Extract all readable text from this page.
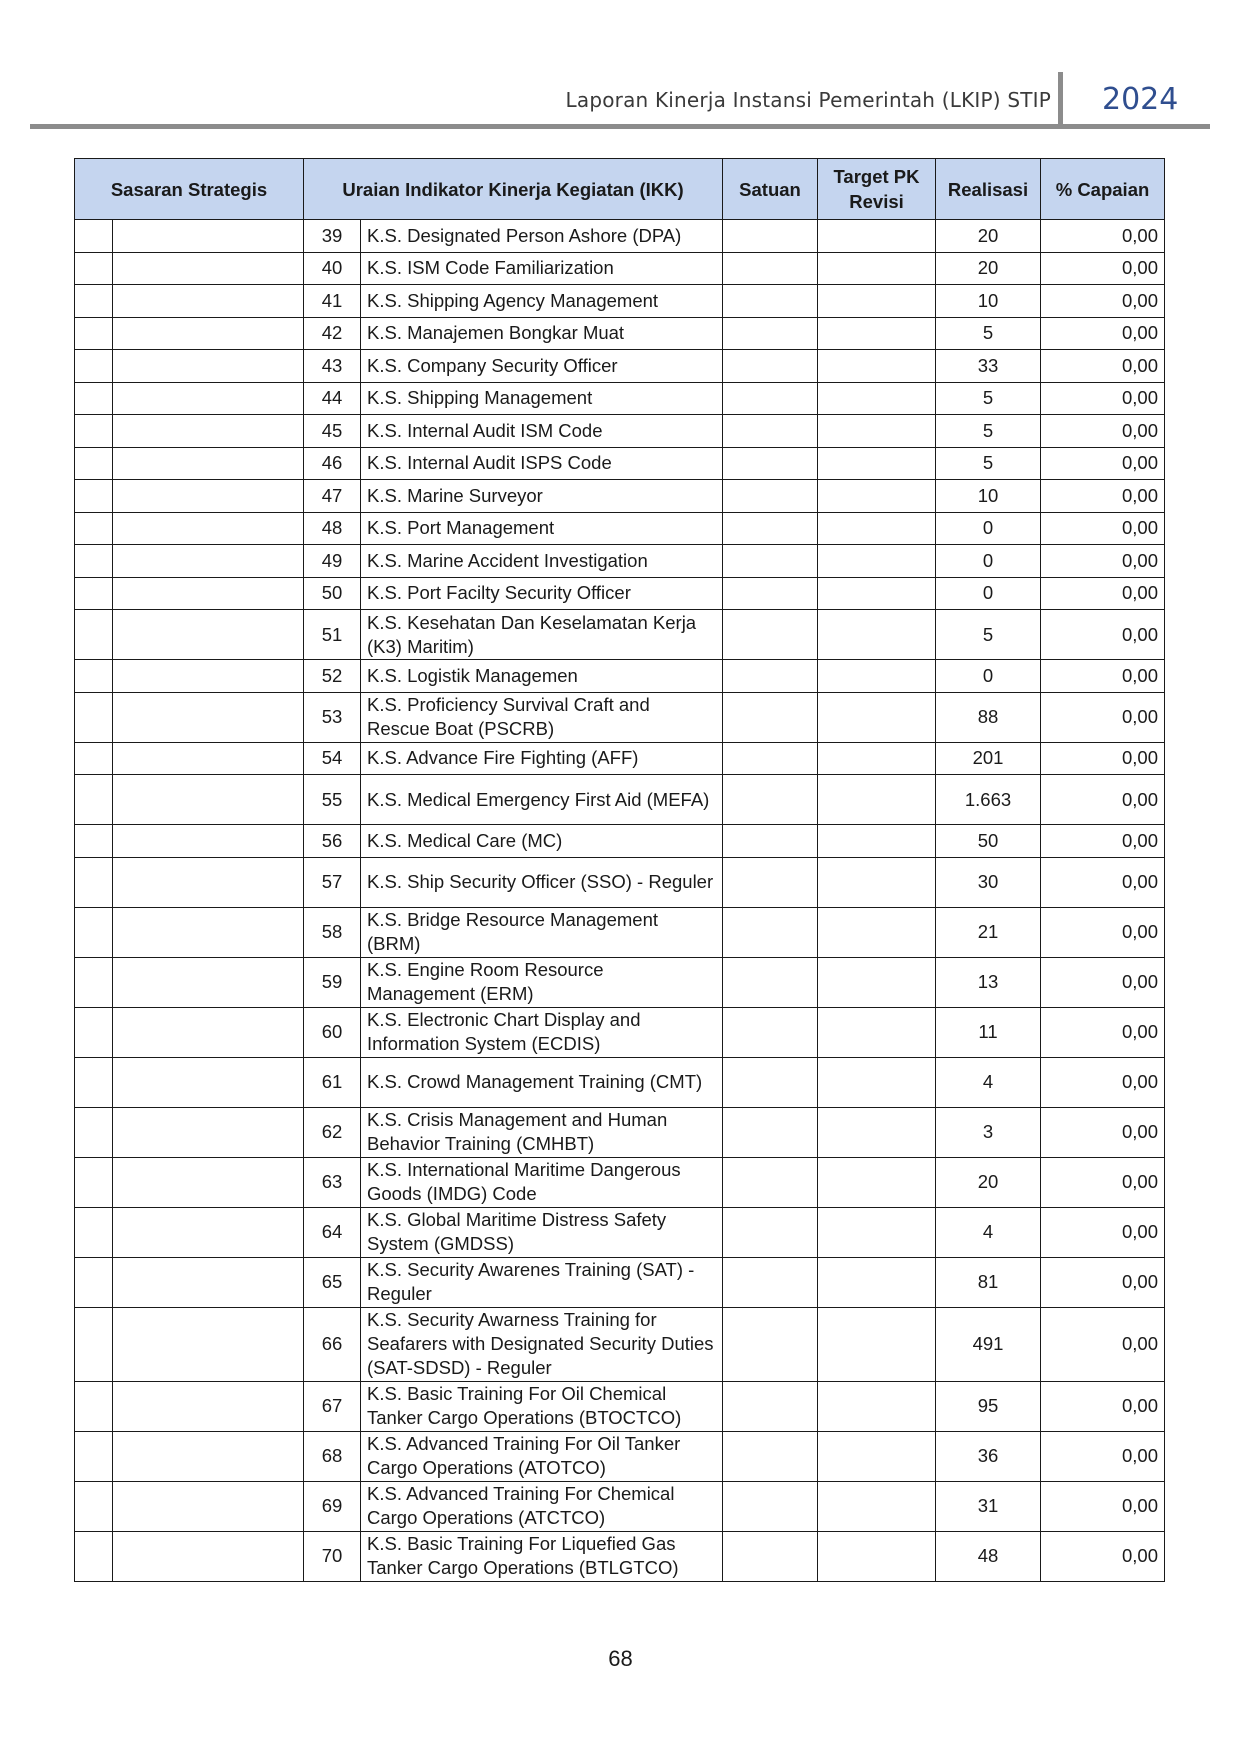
Laporan Kinerja Instansi Pemerintah (LKIP) STIP 2024
Sasaran Strategis		Uraian Indikator Kinerja Kegiatan (IKK)		Satuan	Target PK Revisi	Realisasi	% Capaian
		39	K.S. Designated Person Ashore (DPA)			20	0,00
		40	K.S. ISM Code Familiarization			20	0,00
		41	K.S. Shipping Agency Management			10	0,00
		42	K.S. Manajemen Bongkar Muat			5	0,00
		43	K.S. Company Security Officer			33	0,00
		44	K.S. Shipping Management			5	0,00
		45	K.S. Internal Audit ISM Code			5	0,00
		46	K.S. Internal Audit ISPS Code			5	0,00
		47	K.S. Marine Surveyor			10	0,00
		48	K.S. Port Management			0	0,00
		49	K.S. Marine Accident Investigation			0	0,00
		50	K.S. Port Facilty Security Officer			0	0,00
		51	K.S. Kesehatan Dan Keselamatan Kerja (K3) Maritim)			5	0,00
		52	K.S. Logistik Managemen			0	0,00
		53	K.S. Proficiency Survival Craft and Rescue Boat (PSCRB)			88	0,00
		54	K.S. Advance Fire Fighting (AFF)			201	0,00
		55	K.S. Medical Emergency First Aid (MEFA)			1.663	0,00
		56	K.S. Medical Care (MC)			50	0,00
		57	K.S. Ship Security Officer (SSO) - Reguler			30	0,00
		58	K.S. Bridge Resource Management (BRM)			21	0,00
		59	K.S. Engine Room Resource Management (ERM)			13	0,00
		60	K.S. Electronic Chart Display and Information System (ECDIS)			11	0,00
		61	K.S. Crowd Management Training (CMT)			4	0,00
		62	K.S. Crisis Management and Human Behavior Training (CMHBT)			3	0,00
		63	K.S. International Maritime Dangerous Goods (IMDG) Code			20	0,00
		64	K.S. Global Maritime Distress Safety System (GMDSS)			4	0,00
		65	K.S. Security Awarenes Training (SAT) - Reguler			81	0,00
		66	K.S. Security Awarness Training for Seafarers with Designated Security Duties (SAT-SDSD) - Reguler			491	0,00
		67	K.S. Basic Training For Oil Chemical Tanker Cargo Operations (BTOCTCO)			95	0,00
		68	K.S. Advanced Training For Oil Tanker Cargo Operations (ATOTCO)			36	0,00
		69	K.S. Advanced Training For Chemical Cargo Operations (ATCTCO)			31	0,00
		70	K.S. Basic Training For Liquefied Gas Tanker Cargo Operations (BTLGTCO)			48	0,00
68
